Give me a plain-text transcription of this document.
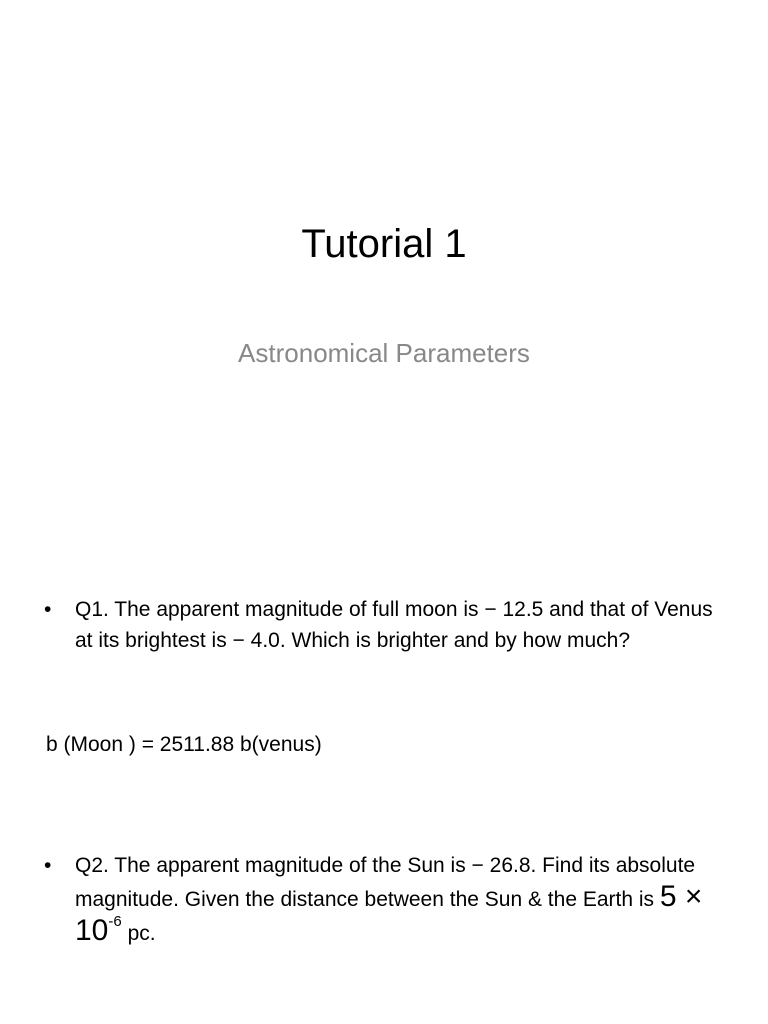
Tutorial 1
Astronomical Parameters
•	Q1. The apparent magnitude of full moon is − 12.5 and that of Venus at its brightest is − 4.0. Which is brighter and by how much?
b (Moon ) = 2511.88 b(venus)
•	Q2. The apparent magnitude of the Sun is − 26.8. Find its absolute magnitude. Given the distance between the Sun & the Earth is $5 \times 10^{-6}$ pc.
